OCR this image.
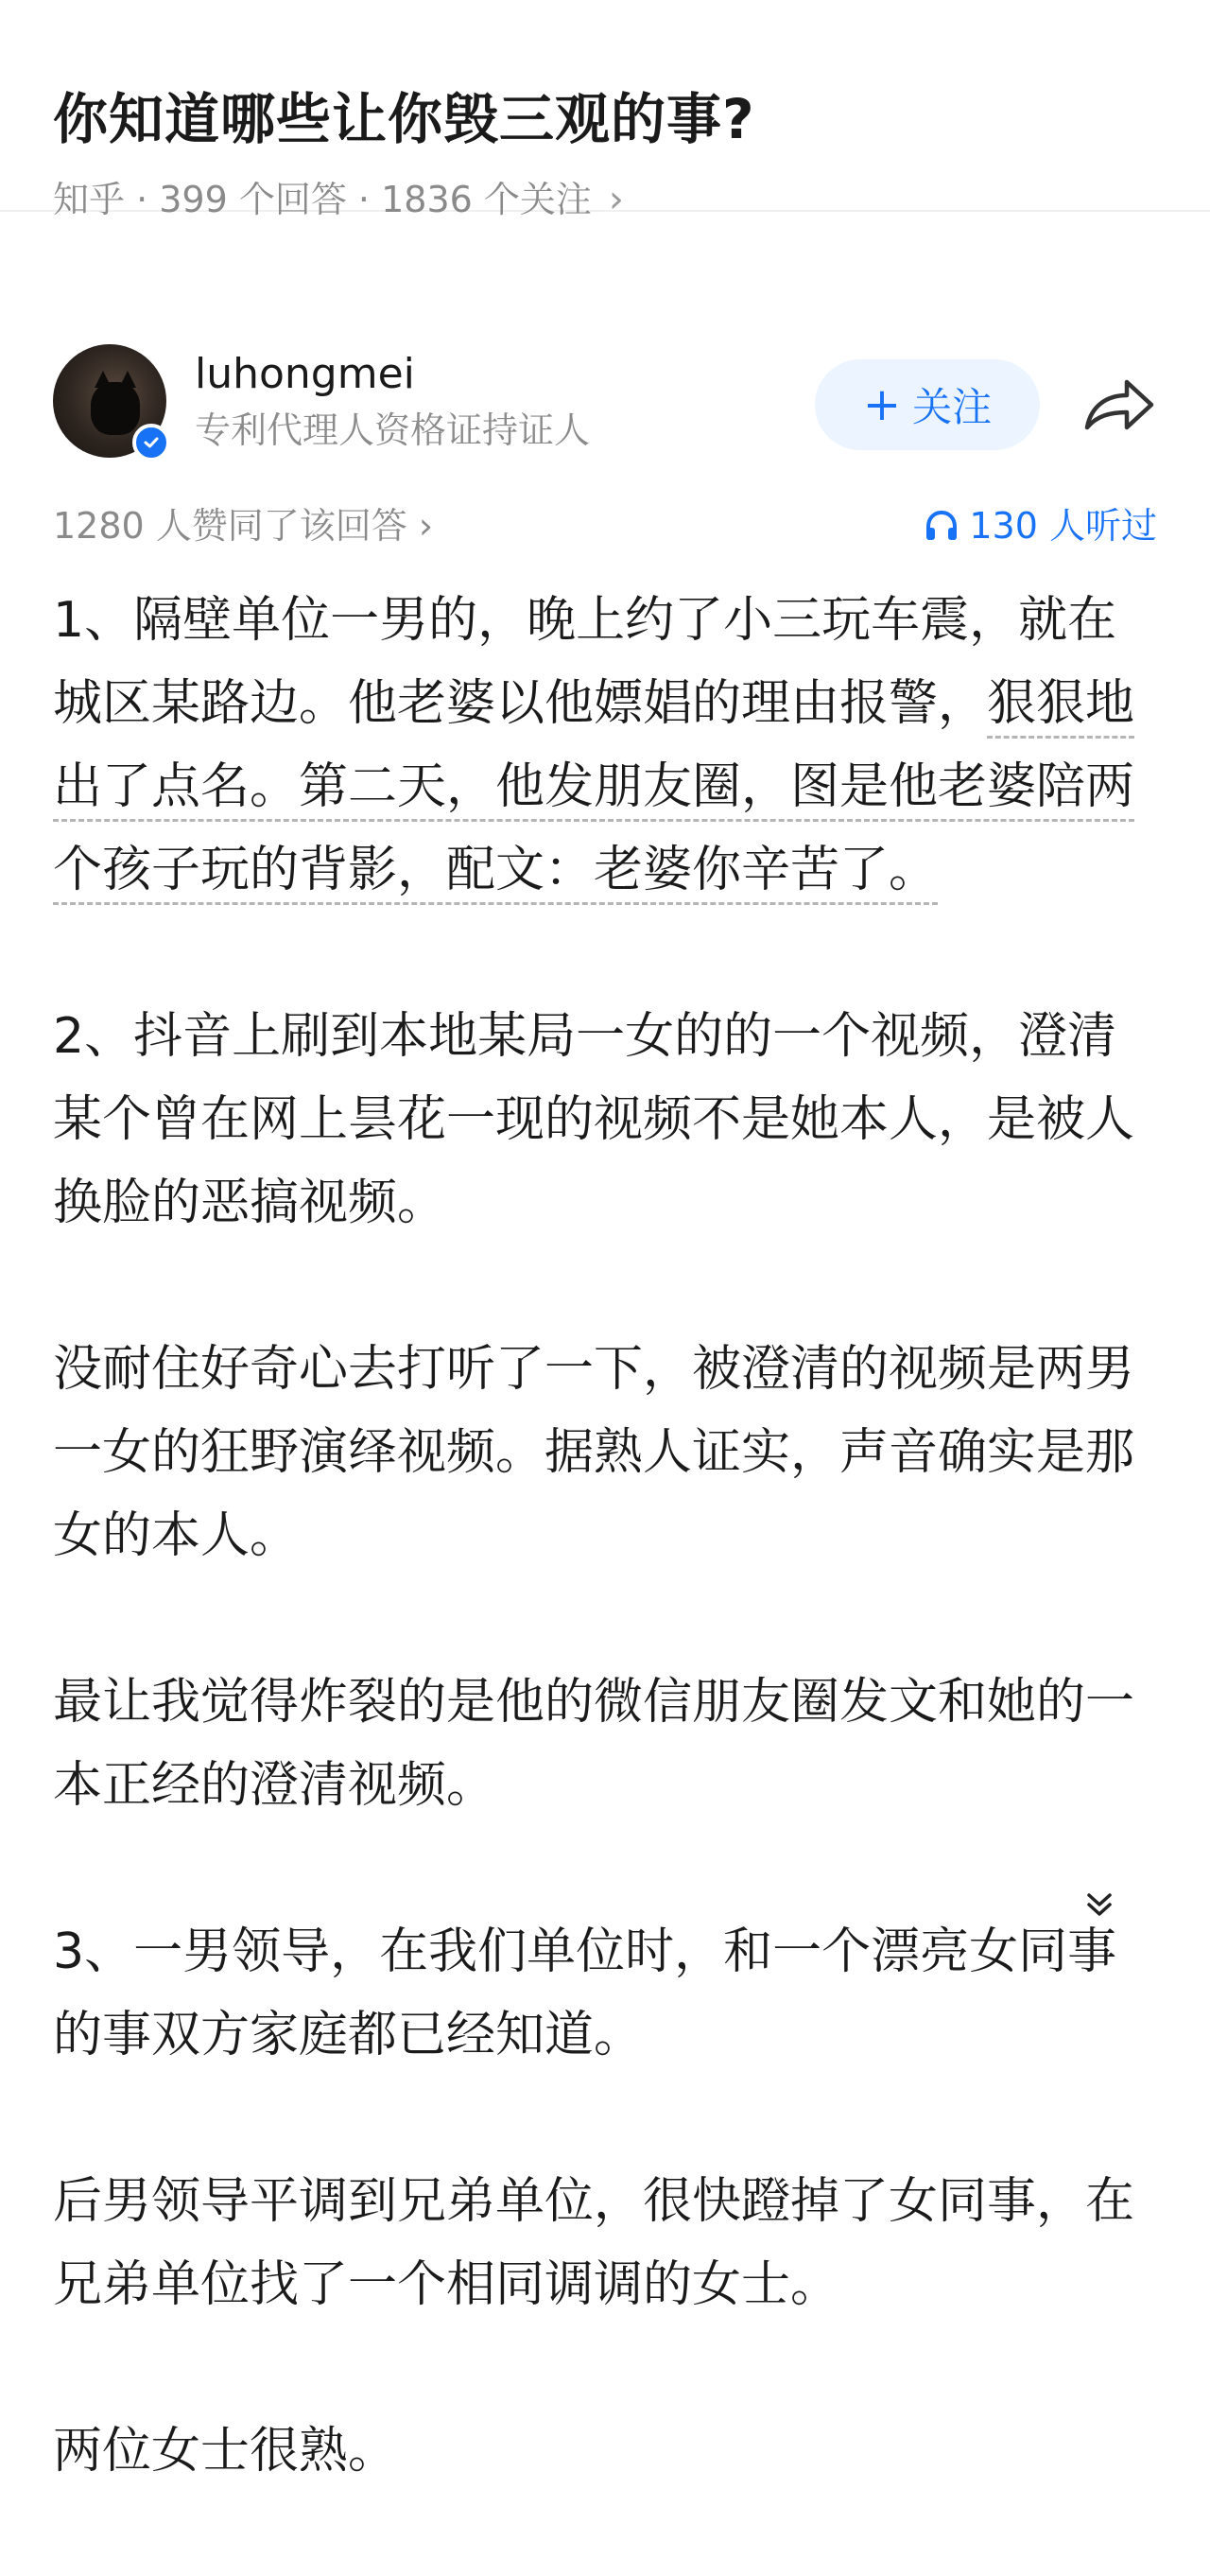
你知道哪些让你毁三观的事?
知乎 · 399 个回答 · 1836 个关注 ›
luhongmei
专利代理人资格证持证人	+ 关注
1280 人赞同了该回答 ›	130 人听过

1、隔壁单位一男的，晚上约了小三玩车震，就在城区某路边。他老婆以他嫖娼的理由报警，狠狠地出了点名。第二天，他发朋友圈，图是他老婆陪两个孩子玩的背影，配文：老婆你辛苦了。

2、抖音上刷到本地某局一女的的一个视频，澄清某个曾在网上昙花一现的视频不是她本人，是被人换脸的恶搞视频。

没耐住好奇心去打听了一下，被澄清的视频是两男一女的狂野演绎视频。据熟人证实，声音确实是那女的本人。

最让我觉得炸裂的是他的微信朋友圈发文和她的一本正经的澄清视频。

3、一男领导，在我们单位时，和一个漂亮女同事的事双方家庭都已经知道。

后男领导平调到兄弟单位，很快蹬掉了女同事，在兄弟单位找了一个相同调调的女士。

两位女士很熟。
